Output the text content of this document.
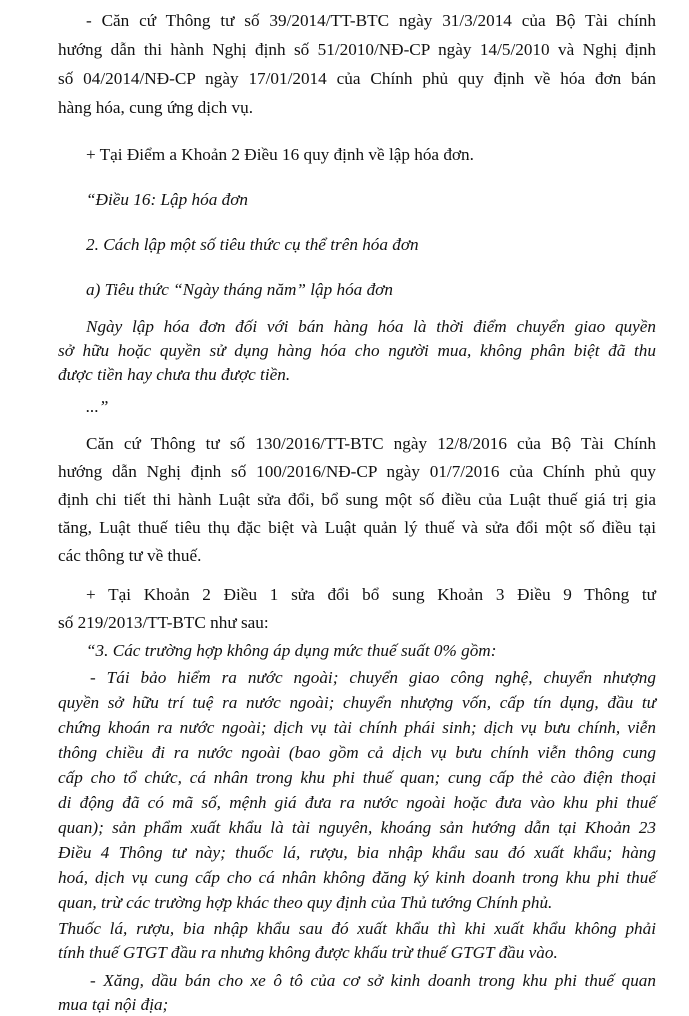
- Căn cứ Thông tư số 39/2014/TT-BTC ngày 31/3/2014 của Bộ Tài chính
hướng dẫn thi hành Nghị định số 51/2010/NĐ-CP ngày 14/5/2010 và Nghị định
số 04/2014/NĐ-CP ngày 17/01/2014 của Chính phủ quy định về hóa đơn bán
hàng hóa, cung ứng dịch vụ.
+ Tại Điểm a Khoản 2 Điều 16 quy định về lập hóa đơn.
“Điều 16: Lập hóa đơn
2. Cách lập một số tiêu thức cụ thể trên hóa đơn
a) Tiêu thức “Ngày tháng năm” lập hóa đơn
Ngày lập hóa đơn đối với bán hàng hóa là thời điểm chuyển giao quyền
sở hữu hoặc quyền sử dụng hàng hóa cho người mua, không phân biệt đã thu
được tiền hay chưa thu được tiền.
...”
Căn cứ Thông tư số 130/2016/TT-BTC ngày 12/8/2016 của Bộ Tài Chính
hướng dẫn Nghị định số 100/2016/NĐ-CP ngày 01/7/2016 của Chính phủ quy
định chi tiết thi hành Luật sửa đổi, bổ sung một số điều của Luật thuế giá trị gia
tăng, Luật thuế tiêu thụ đặc biệt và Luật quản lý thuế và sửa đổi một số điều tại
các thông tư về thuế.
+ Tại Khoản 2 Điều 1 sửa đổi bổ sung Khoản 3 Điều 9 Thông tư
số 219/2013/TT-BTC như sau:
“3. Các trường hợp không áp dụng mức thuế suất 0% gồm:
- Tái bảo hiểm ra nước ngoài; chuyển giao công nghệ, chuyển nhượng
quyền sở hữu trí tuệ ra nước ngoài; chuyển nhượng vốn, cấp tín dụng, đầu tư
chứng khoán ra nước ngoài; dịch vụ tài chính phái sinh; dịch vụ bưu chính, viễn
thông chiều đi ra nước ngoài (bao gồm cả dịch vụ bưu chính viễn thông cung
cấp cho tổ chức, cá nhân trong khu phi thuế quan; cung cấp thẻ cào điện thoại
di động đã có mã số, mệnh giá đưa ra nước ngoài hoặc đưa vào khu phi thuế
quan); sản phẩm xuất khẩu là tài nguyên, khoáng sản hướng dẫn tại Khoản 23
Điều 4 Thông tư này; thuốc lá, rượu, bia nhập khẩu sau đó xuất khẩu; hàng
hoá, dịch vụ cung cấp cho cá nhân không đăng ký kinh doanh trong khu phi thuế
quan, trừ các trường hợp khác theo quy định của Thủ tướng Chính phủ.
Thuốc lá, rượu, bia nhập khẩu sau đó xuất khẩu thì khi xuất khẩu không phải
tính thuế GTGT đầu ra nhưng không được khấu trừ thuế GTGT đầu vào.
- Xăng, dầu bán cho xe ô tô của cơ sở kinh doanh trong khu phi thuế quan
mua tại nội địa;
